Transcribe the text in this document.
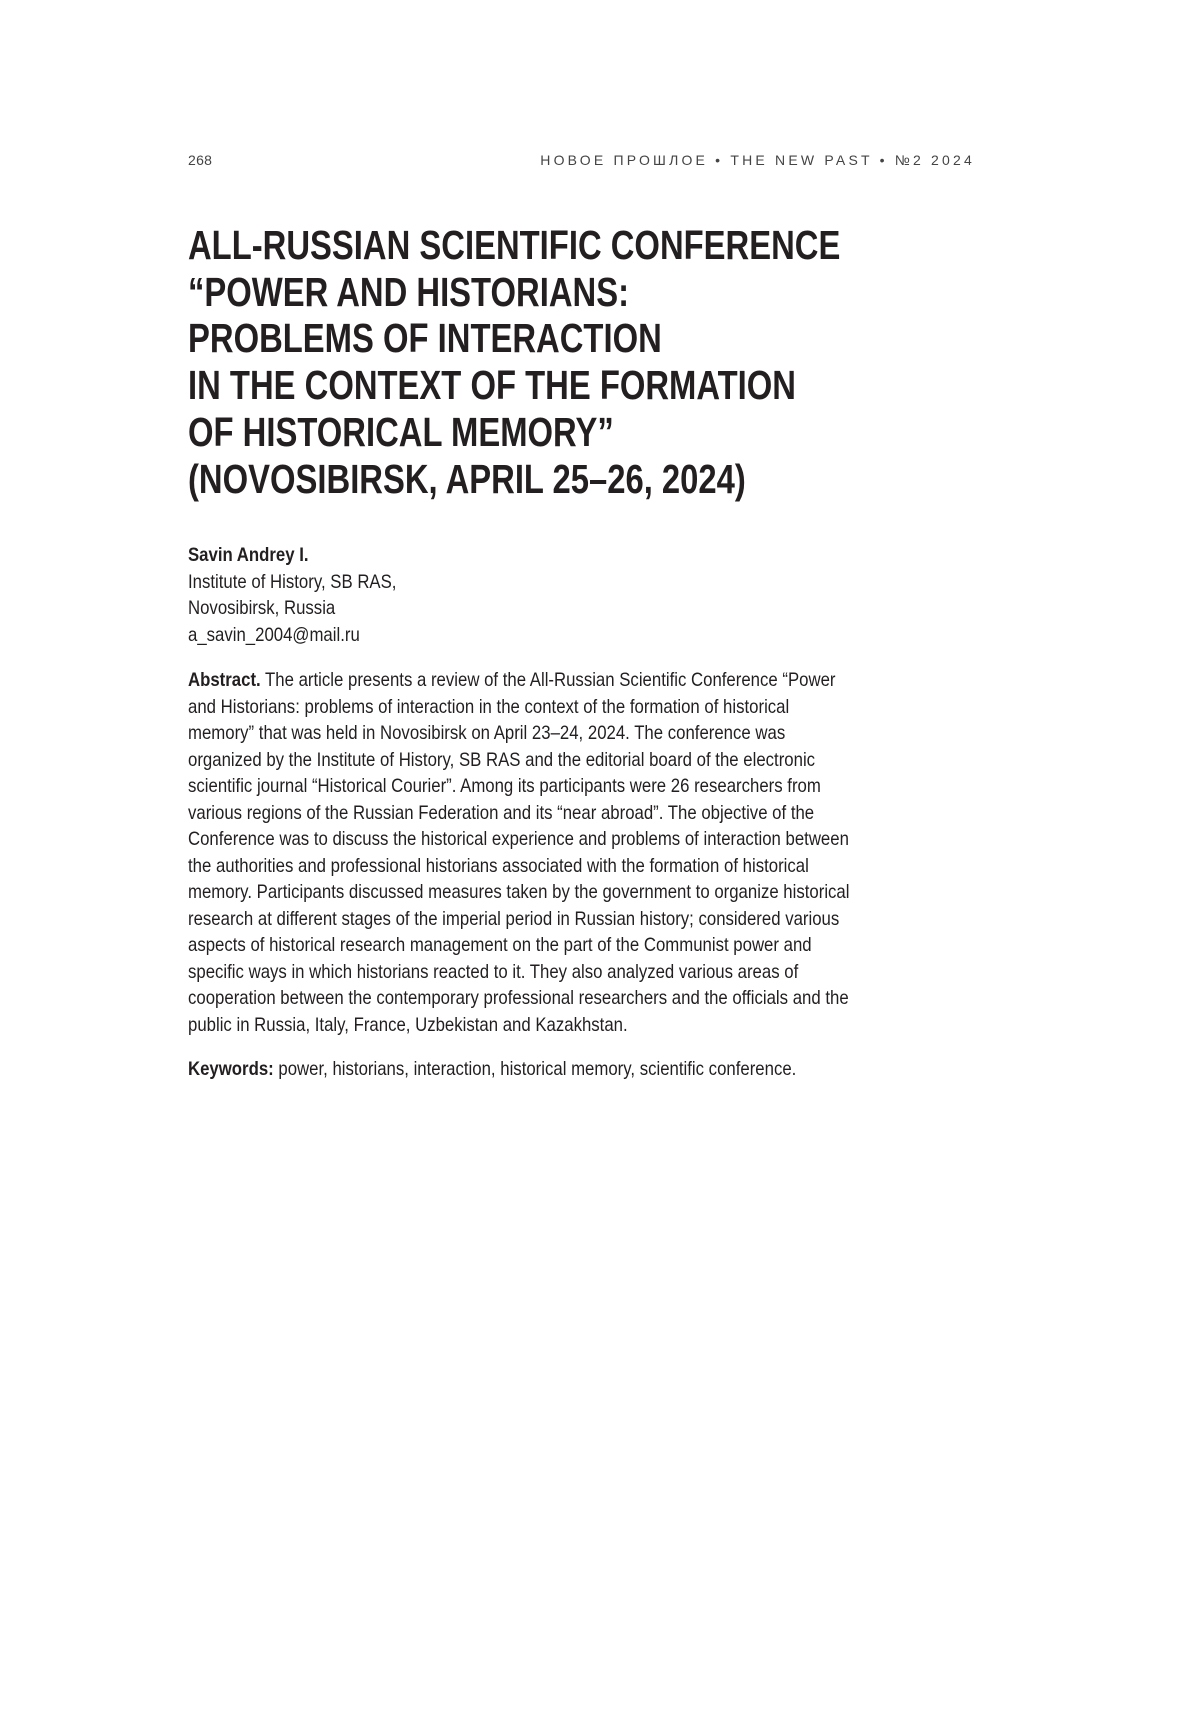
268	НОВОЕ ПРОШЛОЕ • THE NEW PAST • №2 2024
ALL-RUSSIAN SCIENTIFIC CONFERENCE
“POWER AND HISTORIANS:
PROBLEMS OF INTERACTION
IN THE CONTEXT OF THE FORMATION
OF HISTORICAL MEMORY”
(NOVOSIBIRSK, APRIL 25–26, 2024)
Savin Andrey I.
Institute of History, SB RAS,
Novosibirsk, Russia
a_savin_2004@mail.ru
Abstract. The article presents a review of the All-Russian Scientific Conference “Power
and Historians: problems of interaction in the context of the formation of historical
memory” that was held in Novosibirsk on April 23–24, 2024. The conference was
organized by the Institute of History, SB RAS and the editorial board of the electronic
scientific journal “Historical Courier”. Among its participants were 26 researchers from
various regions of the Russian Federation and its “near abroad”. The objective of the
Conference was to discuss the historical experience and problems of interaction between
the authorities and professional historians associated with the formation of historical
memory. Participants discussed measures taken by the government to organize historical
research at different stages of the imperial period in Russian history; considered various
aspects of historical research management on the part of the Communist power and
specific ways in which historians reacted to it. They also analyzed various areas of
cooperation between the contemporary professional researchers and the officials and the
public in Russia, Italy, France, Uzbekistan and Kazakhstan.
Keywords: power, historians, interaction, historical memory, scientific conference.
